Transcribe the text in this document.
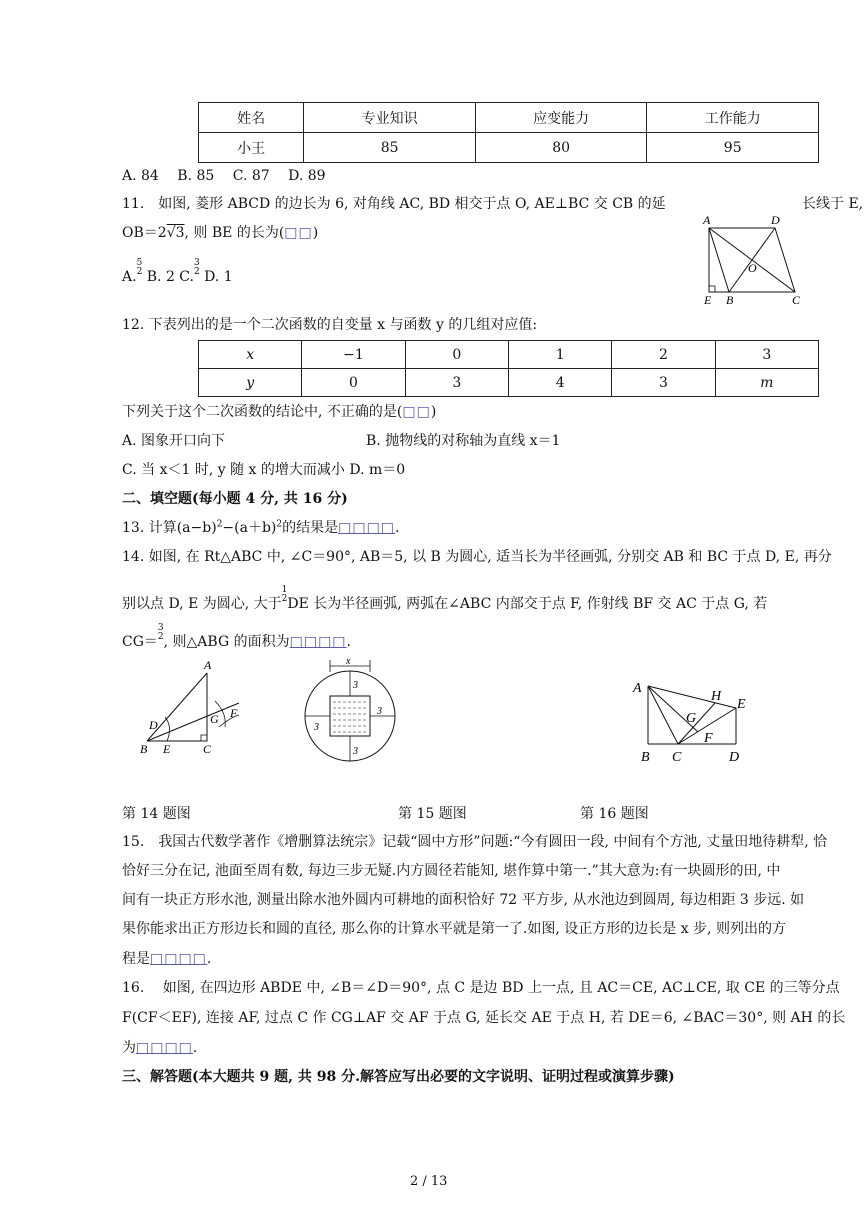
姓名	专业知识	应变能力	工作能力
小王	85	80	95
A. 84　 B. 85　 C. 87　 D. 89
11.　如图, 菱形 ABCD 的边长为 6, 对角线 AC, BD 相交于点 O, AE⊥BC 交 CB 的延	长线于 E,
OB＝2√3, 则 BE 的长为(□□)
A.5
2 B. 2 C.3
2 D. 1
A	D
O
E B	C
12. 下表列出的是一个二次函数的自变量 x 与函数 y 的几组对应值:
x	−1	0	1	2	3
y	0	3	4	3	m
下列关于这个二次函数的结论中, 不正确的是(□□)
A. 图象开口向下	B. 抛物线的对称轴为直线 x＝1
C. 当 x＜1 时, y 随 x 的增大而减小 D. m＝0
二、填空题(每小题 4 分, 共 16 分)
13. 计算$(a-b)^2-(a+b)^2$的结果是□□□□.
14. 如图, 在 Rt△ABC 中, ∠C＝90°, AB＝5, 以 B 为圆心, 适当长为半径画弧, 分别交 AB 和 BC 于点 D, E, 再分
别以点 D, E 为圆心, 大于1
2DE 长为半径画弧, 两弧在∠ABC 内部交于点 F, 作射线 BF 交 AC 于点 G, 若
CG＝3
2, 则△ABG 的面积为□□□□.
A
D	G F
B E	C
x
3
3
3
3
A
H
E
G
F
B C	D
第 14 题图	第 15 题图	第 16 题图
15.　我国古代数学著作《增删算法统宗》记载“圆中方形”问题:“今有圆田一段, 中间有个方池, 丈量田地待耕犁, 恰
恰好三分在记, 池面至周有数, 每边三步无疑.内方圆径若能知, 堪作算中第一.”其大意为:有一块圆形的田, 中
间有一块正方形水池, 测量出除水池外圆内可耕地的面积恰好 72 平方步, 从水池边到圆周, 每边相距 3 步远. 如
果你能求出正方形边长和圆的直径, 那么你的计算水平就是第一了.如图, 设正方形的边长是 x 步, 则列出的方
程是□□□□.
16.　 如图, 在四边形 ABDE 中, ∠B＝∠D＝90°, 点 C 是边 BD 上一点, 且 AC＝CE, AC⊥CE, 取 CE 的三等分点
F(CF＜EF), 连接 AF, 过点 C 作 CG⊥AF 交 AF 于点 G, 延长交 AE 于点 H, 若 DE＝6, ∠BAC＝30°, 则 AH 的长
为□□□□.
三、解答题(本大题共 9 题, 共 98 分.解答应写出必要的文字说明、证明过程或演算步骤)
2 / 13
